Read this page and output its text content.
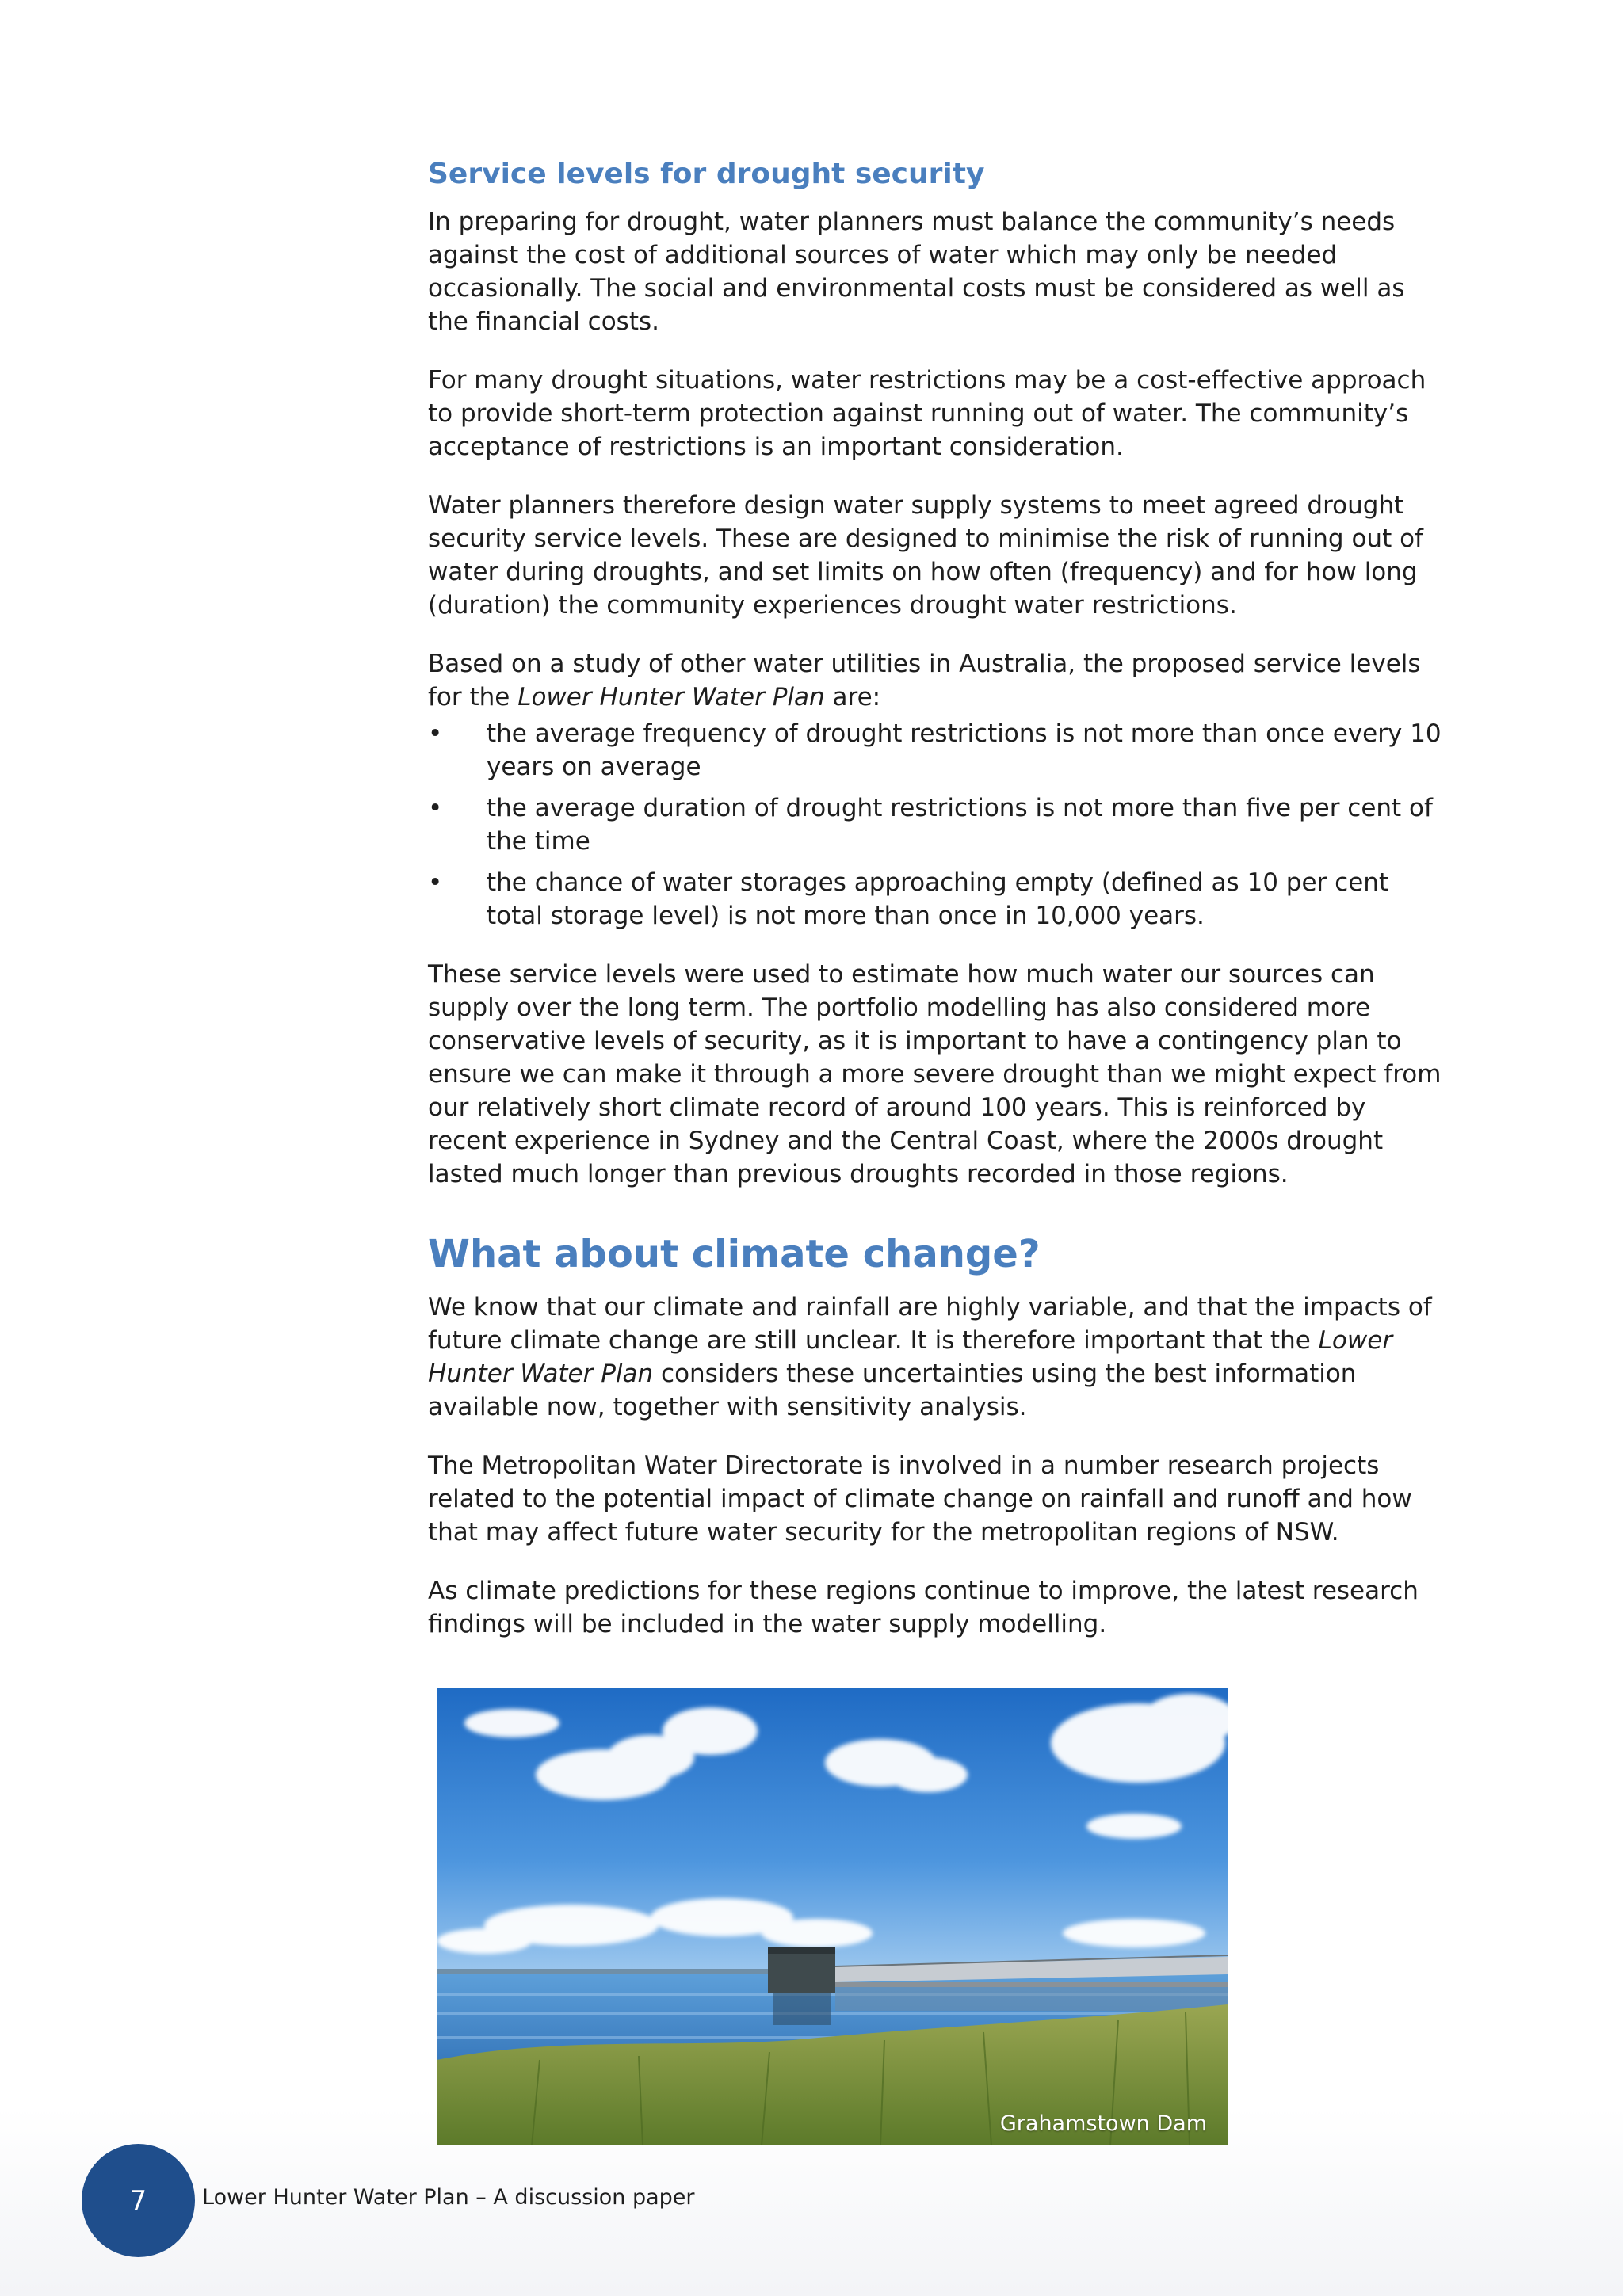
Service levels for drought security

In preparing for drought, water planners must balance the community’s needs against the cost of additional sources of water which may only be needed occasionally. The social and environmental costs must be considered as well as the financial costs.

For many drought situations, water restrictions may be a cost-effective approach to provide short-term protection against running out of water. The community’s acceptance of restrictions is an important consideration.

Water planners therefore design water supply systems to meet agreed drought security service levels. These are designed to minimise the risk of running out of water during droughts, and set limits on how often (frequency) and for how long (duration) the community experiences drought water restrictions.

Based on a study of other water utilities in Australia, the proposed service levels for the Lower Hunter Water Plan are:

• the average frequency of drought restrictions is not more than once every 10 years on average
• the average duration of drought restrictions is not more than five per cent of the time
• the chance of water storages approaching empty (defined as 10 per cent total storage level) is not more than once in 10,000 years.

These service levels were used to estimate how much water our sources can supply over the long term. The portfolio modelling has also considered more conservative levels of security, as it is important to have a contingency plan to ensure we can make it through a more severe drought than we might expect from our relatively short climate record of around 100 years. This is reinforced by recent experience in Sydney and the Central Coast, where the 2000s drought lasted much longer than previous droughts recorded in those regions.

What about climate change?

We know that our climate and rainfall are highly variable, and that the impacts of future climate change are still unclear. It is therefore important that the Lower Hunter Water Plan considers these uncertainties using the best information available now, together with sensitivity analysis.

The Metropolitan Water Directorate is involved in a number research projects related to the potential impact of climate change on rainfall and runoff and how that may affect future water security for the metropolitan regions of NSW.

As climate predictions for these regions continue to improve, the latest research findings will be included in the water supply modelling.

Grahamstown Dam
7	Lower Hunter Water Plan – A discussion paper
